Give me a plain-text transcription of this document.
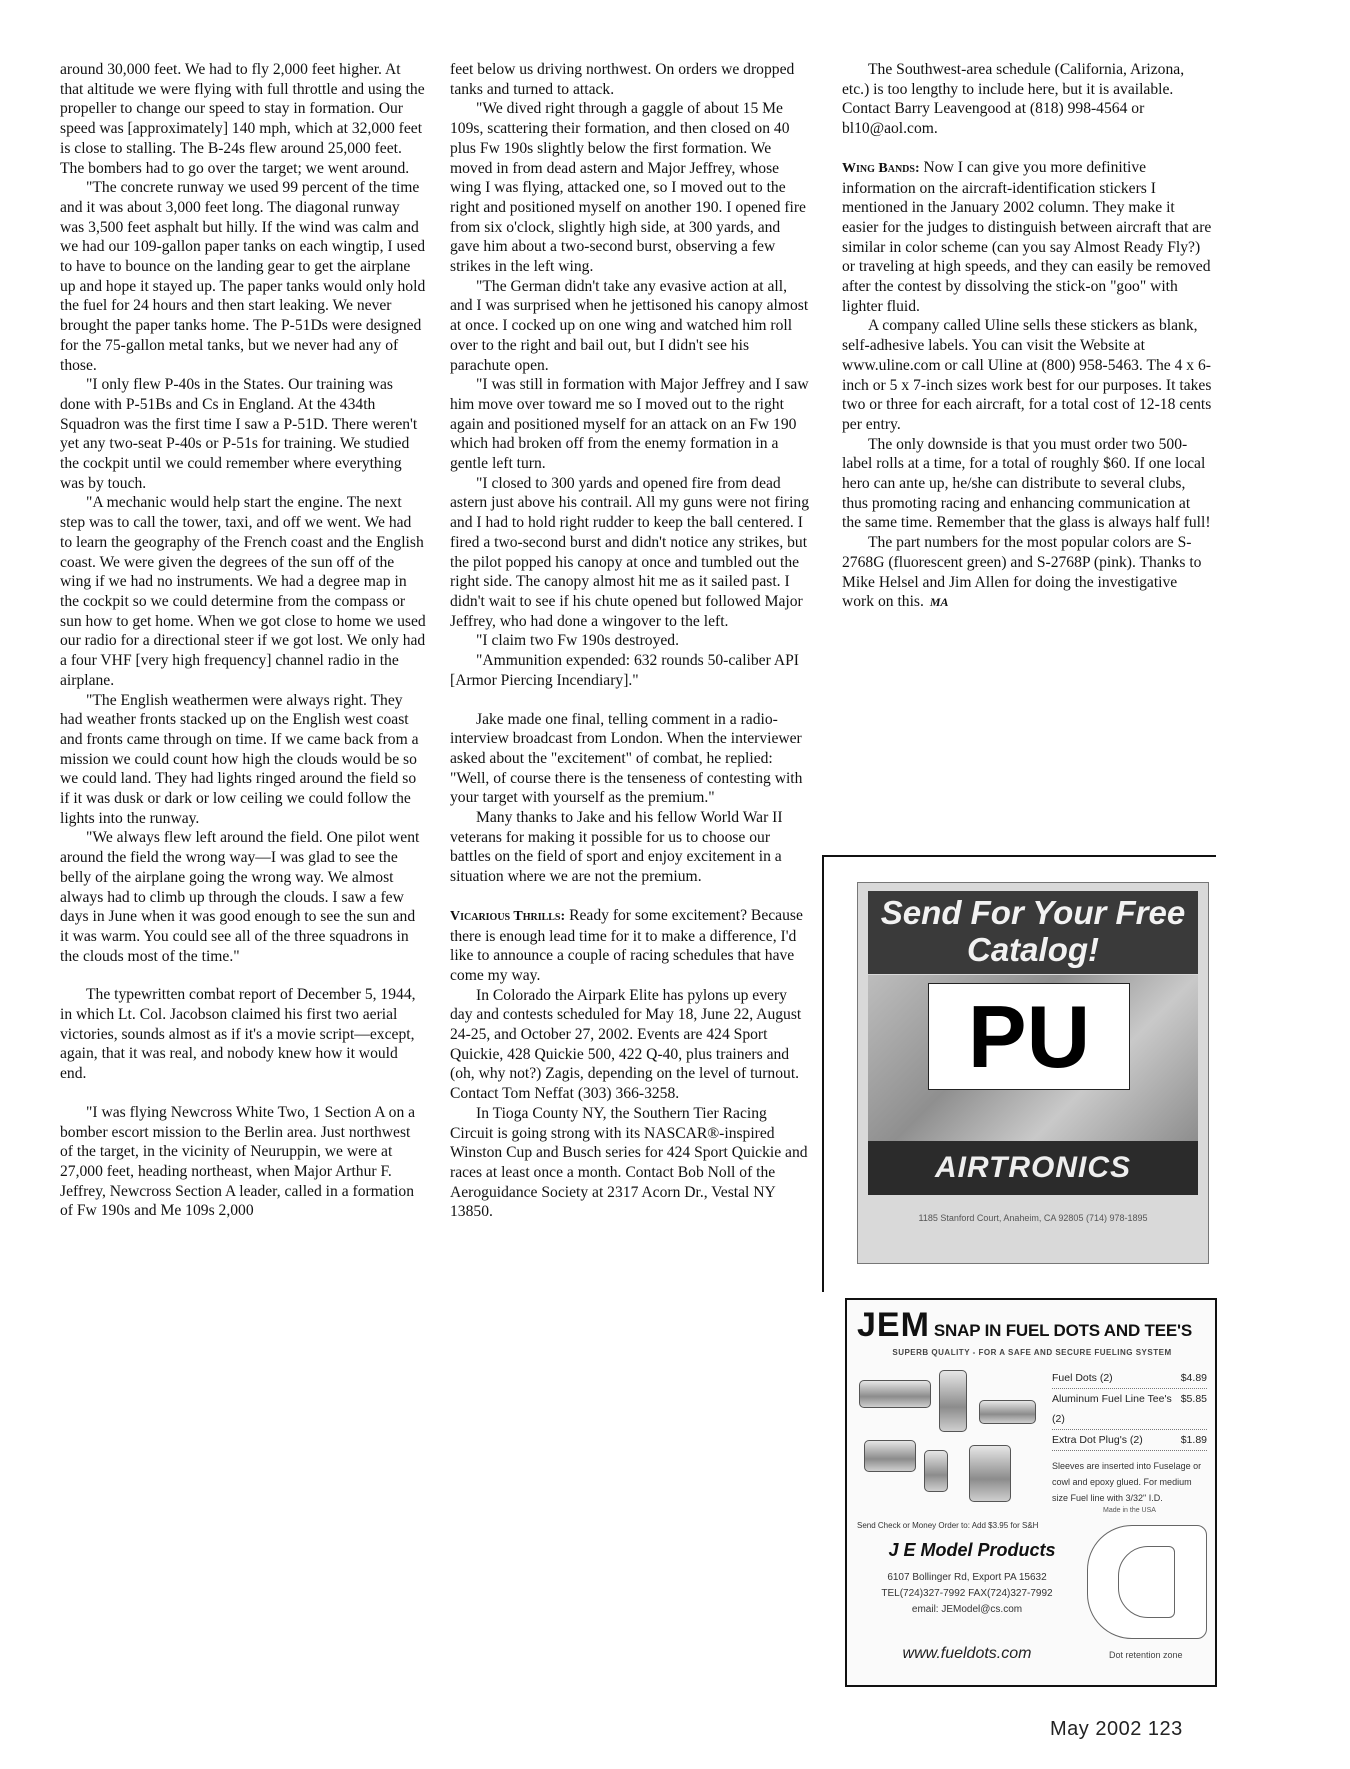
around 30,000 feet. We had to fly 2,000 feet higher. At that altitude we were flying with full throttle and using the propeller to change our speed to stay in formation. Our speed was [approximately] 140 mph, which at 32,000 feet is close to stalling. The B-24s flew around 25,000 feet. The bombers had to go over the target; we went around.

"The concrete runway we used 99 percent of the time and it was about 3,000 feet long. The diagonal runway was 3,500 feet asphalt but hilly. If the wind was calm and we had our 109-gallon paper tanks on each wingtip, I used to have to bounce on the landing gear to get the airplane up and hope it stayed up. The paper tanks would only hold the fuel for 24 hours and then start leaking. We never brought the paper tanks home. The P-51Ds were designed for the 75-gallon metal tanks, but we never had any of those.

"I only flew P-40s in the States. Our training was done with P-51Bs and Cs in England. At the 434th Squadron was the first time I saw a P-51D. There weren't yet any two-seat P-40s or P-51s for training. We studied the cockpit until we could remember where everything was by touch.

"A mechanic would help start the engine. The next step was to call the tower, taxi, and off we went. We had to learn the geography of the French coast and the English coast. We were given the degrees of the sun off of the wing if we had no instruments. We had a degree map in the cockpit so we could determine from the compass or sun how to get home. When we got close to home we used our radio for a directional steer if we got lost. We only had a four VHF [very high frequency] channel radio in the airplane.

"The English weathermen were always right. They had weather fronts stacked up on the English west coast and fronts came through on time. If we came back from a mission we could count how high the clouds would be so we could land. They had lights ringed around the field so if it was dusk or dark or low ceiling we could follow the lights into the runway.

"We always flew left around the field. One pilot went around the field the wrong way—I was glad to see the belly of the airplane going the wrong way. We almost always had to climb up through the clouds. I saw a few days in June when it was good enough to see the sun and it was warm. You could see all of the three squadrons in the clouds most of the time."

The typewritten combat report of December 5, 1944, in which Lt. Col. Jacobson claimed his first two aerial victories, sounds almost as if it's a movie script—except, again, that it was real, and nobody knew how it would end.

"I was flying Newcross White Two, 1 Section A on a bomber escort mission to the Berlin area. Just northwest of the target, in the vicinity of Neuruppin, we were at 27,000 feet, heading northeast, when Major Arthur F. Jeffrey, Newcross Section A leader, called in a formation of Fw 190s and Me 109s 2,000

feet below us driving northwest. On orders we dropped tanks and turned to attack.

"We dived right through a gaggle of about 15 Me 109s, scattering their formation, and then closed on 40 plus Fw 190s slightly below the first formation. We moved in from dead astern and Major Jeffrey, whose wing I was flying, attacked one, so I moved out to the right and positioned myself on another 190. I opened fire from six o'clock, slightly high side, at 300 yards, and gave him about a two-second burst, observing a few strikes in the left wing.

"The German didn't take any evasive action at all, and I was surprised when he jettisoned his canopy almost at once. I cocked up on one wing and watched him roll over to the right and bail out, but I didn't see his parachute open.

"I was still in formation with Major Jeffrey and I saw him move over toward me so I moved out to the right again and positioned myself for an attack on an Fw 190 which had broken off from the enemy formation in a gentle left turn.

"I closed to 300 yards and opened fire from dead astern just above his contrail. All my guns were not firing and I had to hold right rudder to keep the ball centered. I fired a two-second burst and didn't notice any strikes, but the pilot popped his canopy at once and tumbled out the right side. The canopy almost hit me as it sailed past. I didn't wait to see if his chute opened but followed Major Jeffrey, who had done a wingover to the left.

"I claim two Fw 190s destroyed.

"Ammunition expended: 632 rounds 50-caliber API [Armor Piercing Incendiary]."

Jake made one final, telling comment in a radio-interview broadcast from London. When the interviewer asked about the "excitement" of combat, he replied: "Well, of course there is the tenseness of contesting with your target with yourself as the premium."

Many thanks to Jake and his fellow World War II veterans for making it possible for us to choose our battles on the field of sport and enjoy excitement in a situation where we are not the premium.

Vicarious Thrills: Ready for some excitement? Because there is enough lead time for it to make a difference, I'd like to announce a couple of racing schedules that have come my way.

In Colorado the Airpark Elite has pylons up every day and contests scheduled for May 18, June 22, August 24-25, and October 27, 2002. Events are 424 Sport Quickie, 428 Quickie 500, 422 Q-40, plus trainers and (oh, why not?) Zagis, depending on the level of turnout. Contact Tom Neffat (303) 366-3258.

In Tioga County NY, the Southern Tier Racing Circuit is going strong with its NASCAR®-inspired Winston Cup and Busch series for 424 Sport Quickie and races at least once a month. Contact Bob Noll of the Aeroguidance Society at 2317 Acorn Dr., Vestal NY 13850.

The Southwest-area schedule (California, Arizona, etc.) is too lengthy to include here, but it is available. Contact Barry Leavengood at (818) 998-4564 or bl10@aol.com.

Wing Bands: Now I can give you more definitive information on the aircraft-identification stickers I mentioned in the January 2002 column. They make it easier for the judges to distinguish between aircraft that are similar in color scheme (can you say Almost Ready Fly?) or traveling at high speeds, and they can easily be removed after the contest by dissolving the stick-on "goo" with lighter fluid.

A company called Uline sells these stickers as blank, self-adhesive labels. You can visit the Website at www.uline.com or call Uline at (800) 958-5463. The 4 x 6-inch or 5 x 7-inch sizes work best for our purposes. It takes two or three for each aircraft, for a total cost of 12-18 cents per entry.

The only downside is that you must order two 500-label rolls at a time, for a total of roughly $60. If one local hero can ante up, he/she can distribute to several clubs, thus promoting racing and enhancing communication at the same time. Remember that the glass is always half full!

The part numbers for the most popular colors are S-2768G (fluorescent green) and S-2768P (pink). Thanks to Mike Helsel and Jim Allen for doing the investigative work on this. MA

Send For Your Free Catalog!
PU
AIRTRONICS
1185 Stanford Court, Anaheim, CA 92805 (714) 978-1895
JEM SNAP IN FUEL DOTS AND TEE'S
SUPERB QUALITY - FOR A SAFE AND SECURE FUELING SYSTEM
Fuel Dots (2)	$4.89
Aluminum Fuel Line Tee's (2)
$5.85
Extra Dot Plug's (2)	$1.89
Sleeves are inserted into Fuselage or cowl and epoxy glued. For medium size Fuel line with 3/32" I.D.
Made in the USA
Send Check or Money Order to: Add $3.95 for S&H
J E Model Products
6107 Bollinger Rd, Export PA 15632
TEL(724)327-7992 FAX(724)327-7992
email: JEModel@cs.com
www.fueldots.com	Dot retention zone
May 2002 123
